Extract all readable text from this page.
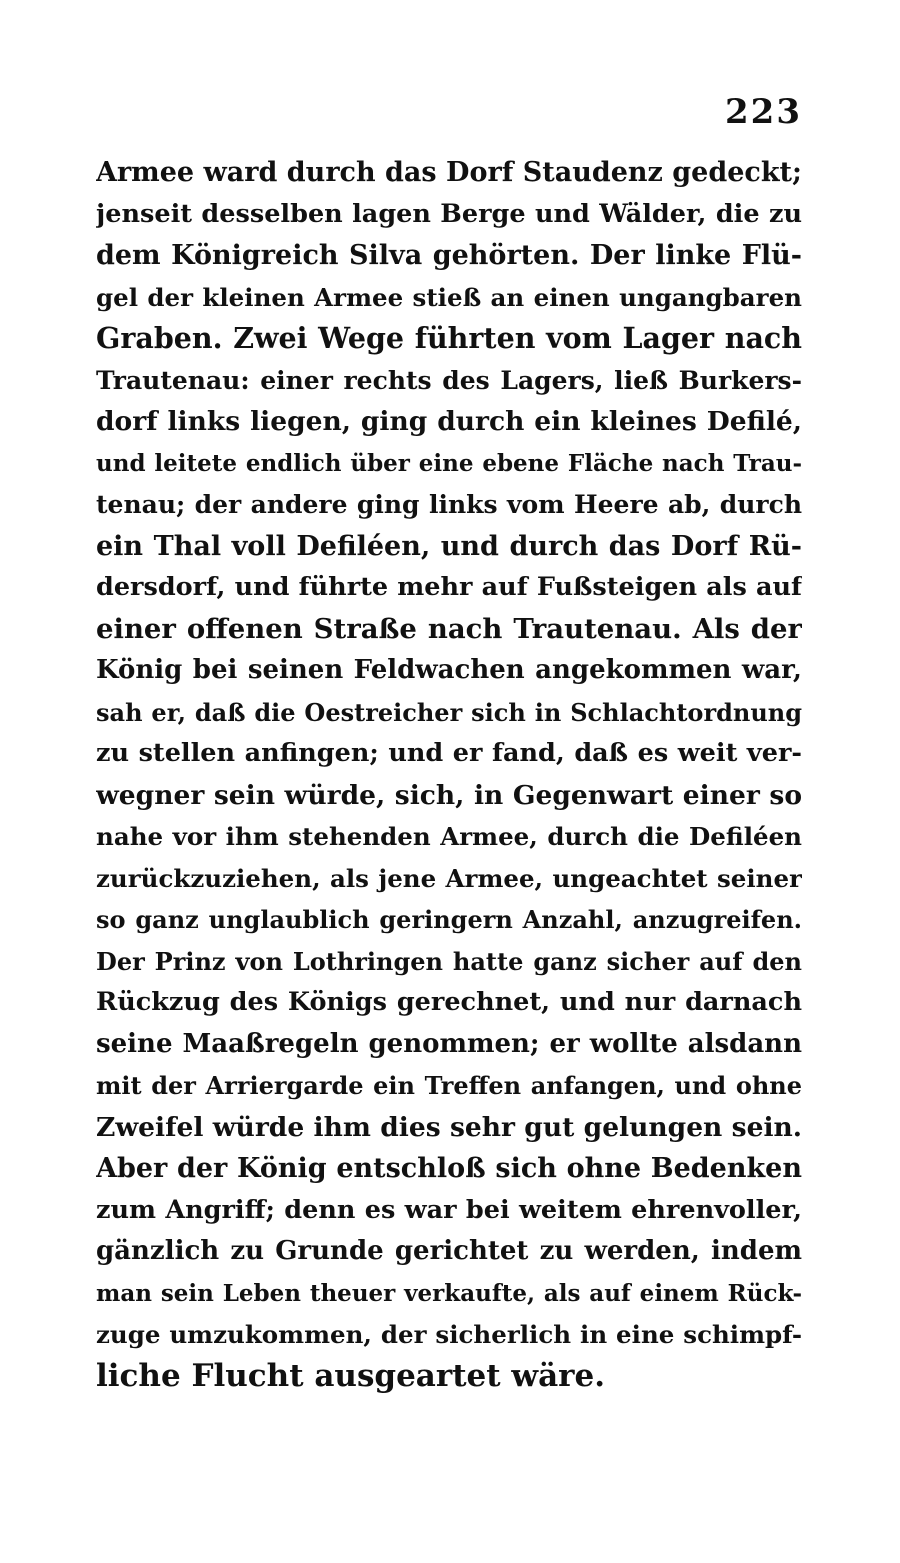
223
Armee ward durch das Dorf Staudenz gedeckt;
jenseit desselben lagen Berge und Wälder, die zu
dem Königreich Silva gehörten. Der linke Flü-
gel der kleinen Armee stieß an einen ungangbaren
Graben. Zwei Wege führten vom Lager nach
Trautenau: einer rechts des Lagers, ließ Burkers-
dorf links liegen, ging durch ein kleines Defilé,
und leitete endlich über eine ebene Fläche nach Trau-
tenau; der andere ging links vom Heere ab, durch
ein Thal voll Defiléen, und durch das Dorf Rü-
dersdorf, und führte mehr auf Fußsteigen als auf
einer offenen Straße nach Trautenau. Als der
König bei seinen Feldwachen angekommen war,
sah er, daß die Oestreicher sich in Schlachtordnung
zu stellen anfingen; und er fand, daß es weit ver-
wegner sein würde, sich, in Gegenwart einer so
nahe vor ihm stehenden Armee, durch die Defiléen
zurückzuziehen, als jene Armee, ungeachtet seiner
so ganz unglaublich geringern Anzahl, anzugreifen.
Der Prinz von Lothringen hatte ganz sicher auf den
Rückzug des Königs gerechnet, und nur darnach
seine Maaßregeln genommen; er wollte alsdann
mit der Arriergarde ein Treffen anfangen, und ohne
Zweifel würde ihm dies sehr gut gelungen sein.
Aber der König entschloß sich ohne Bedenken
zum Angriff; denn es war bei weitem ehrenvoller,
gänzlich zu Grunde gerichtet zu werden, indem
man sein Leben theuer verkaufte, als auf einem Rück-
zuge umzukommen, der sicherlich in eine schimpf-
liche Flucht ausgeartet wäre.
